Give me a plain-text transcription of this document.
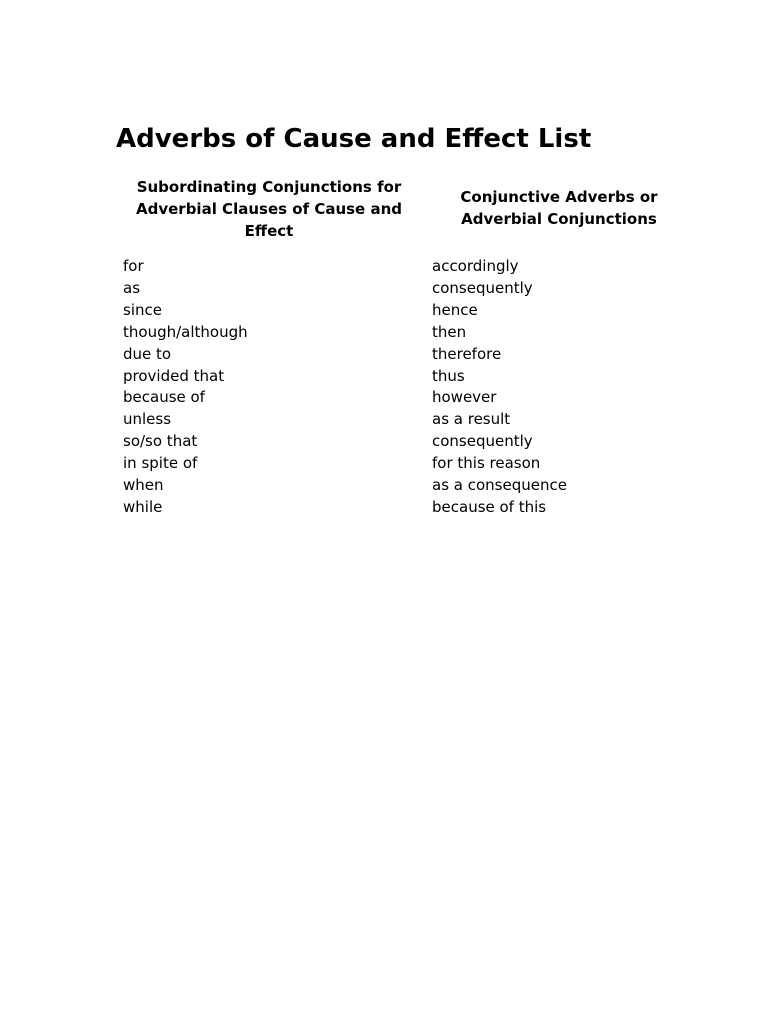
Adverbs of Cause and Effect List
Subordinating Conjunctions for Adverbial Clauses of Cause and Effect
Conjunctive Adverbs or Adverbial Conjunctions
for
as
since
though/although
due to
provided that
because of
unless
so/so that
in spite of
when
while
accordingly
consequently
hence
then
therefore
thus
however
as a result
consequently
for this reason
as a consequence
because of this
